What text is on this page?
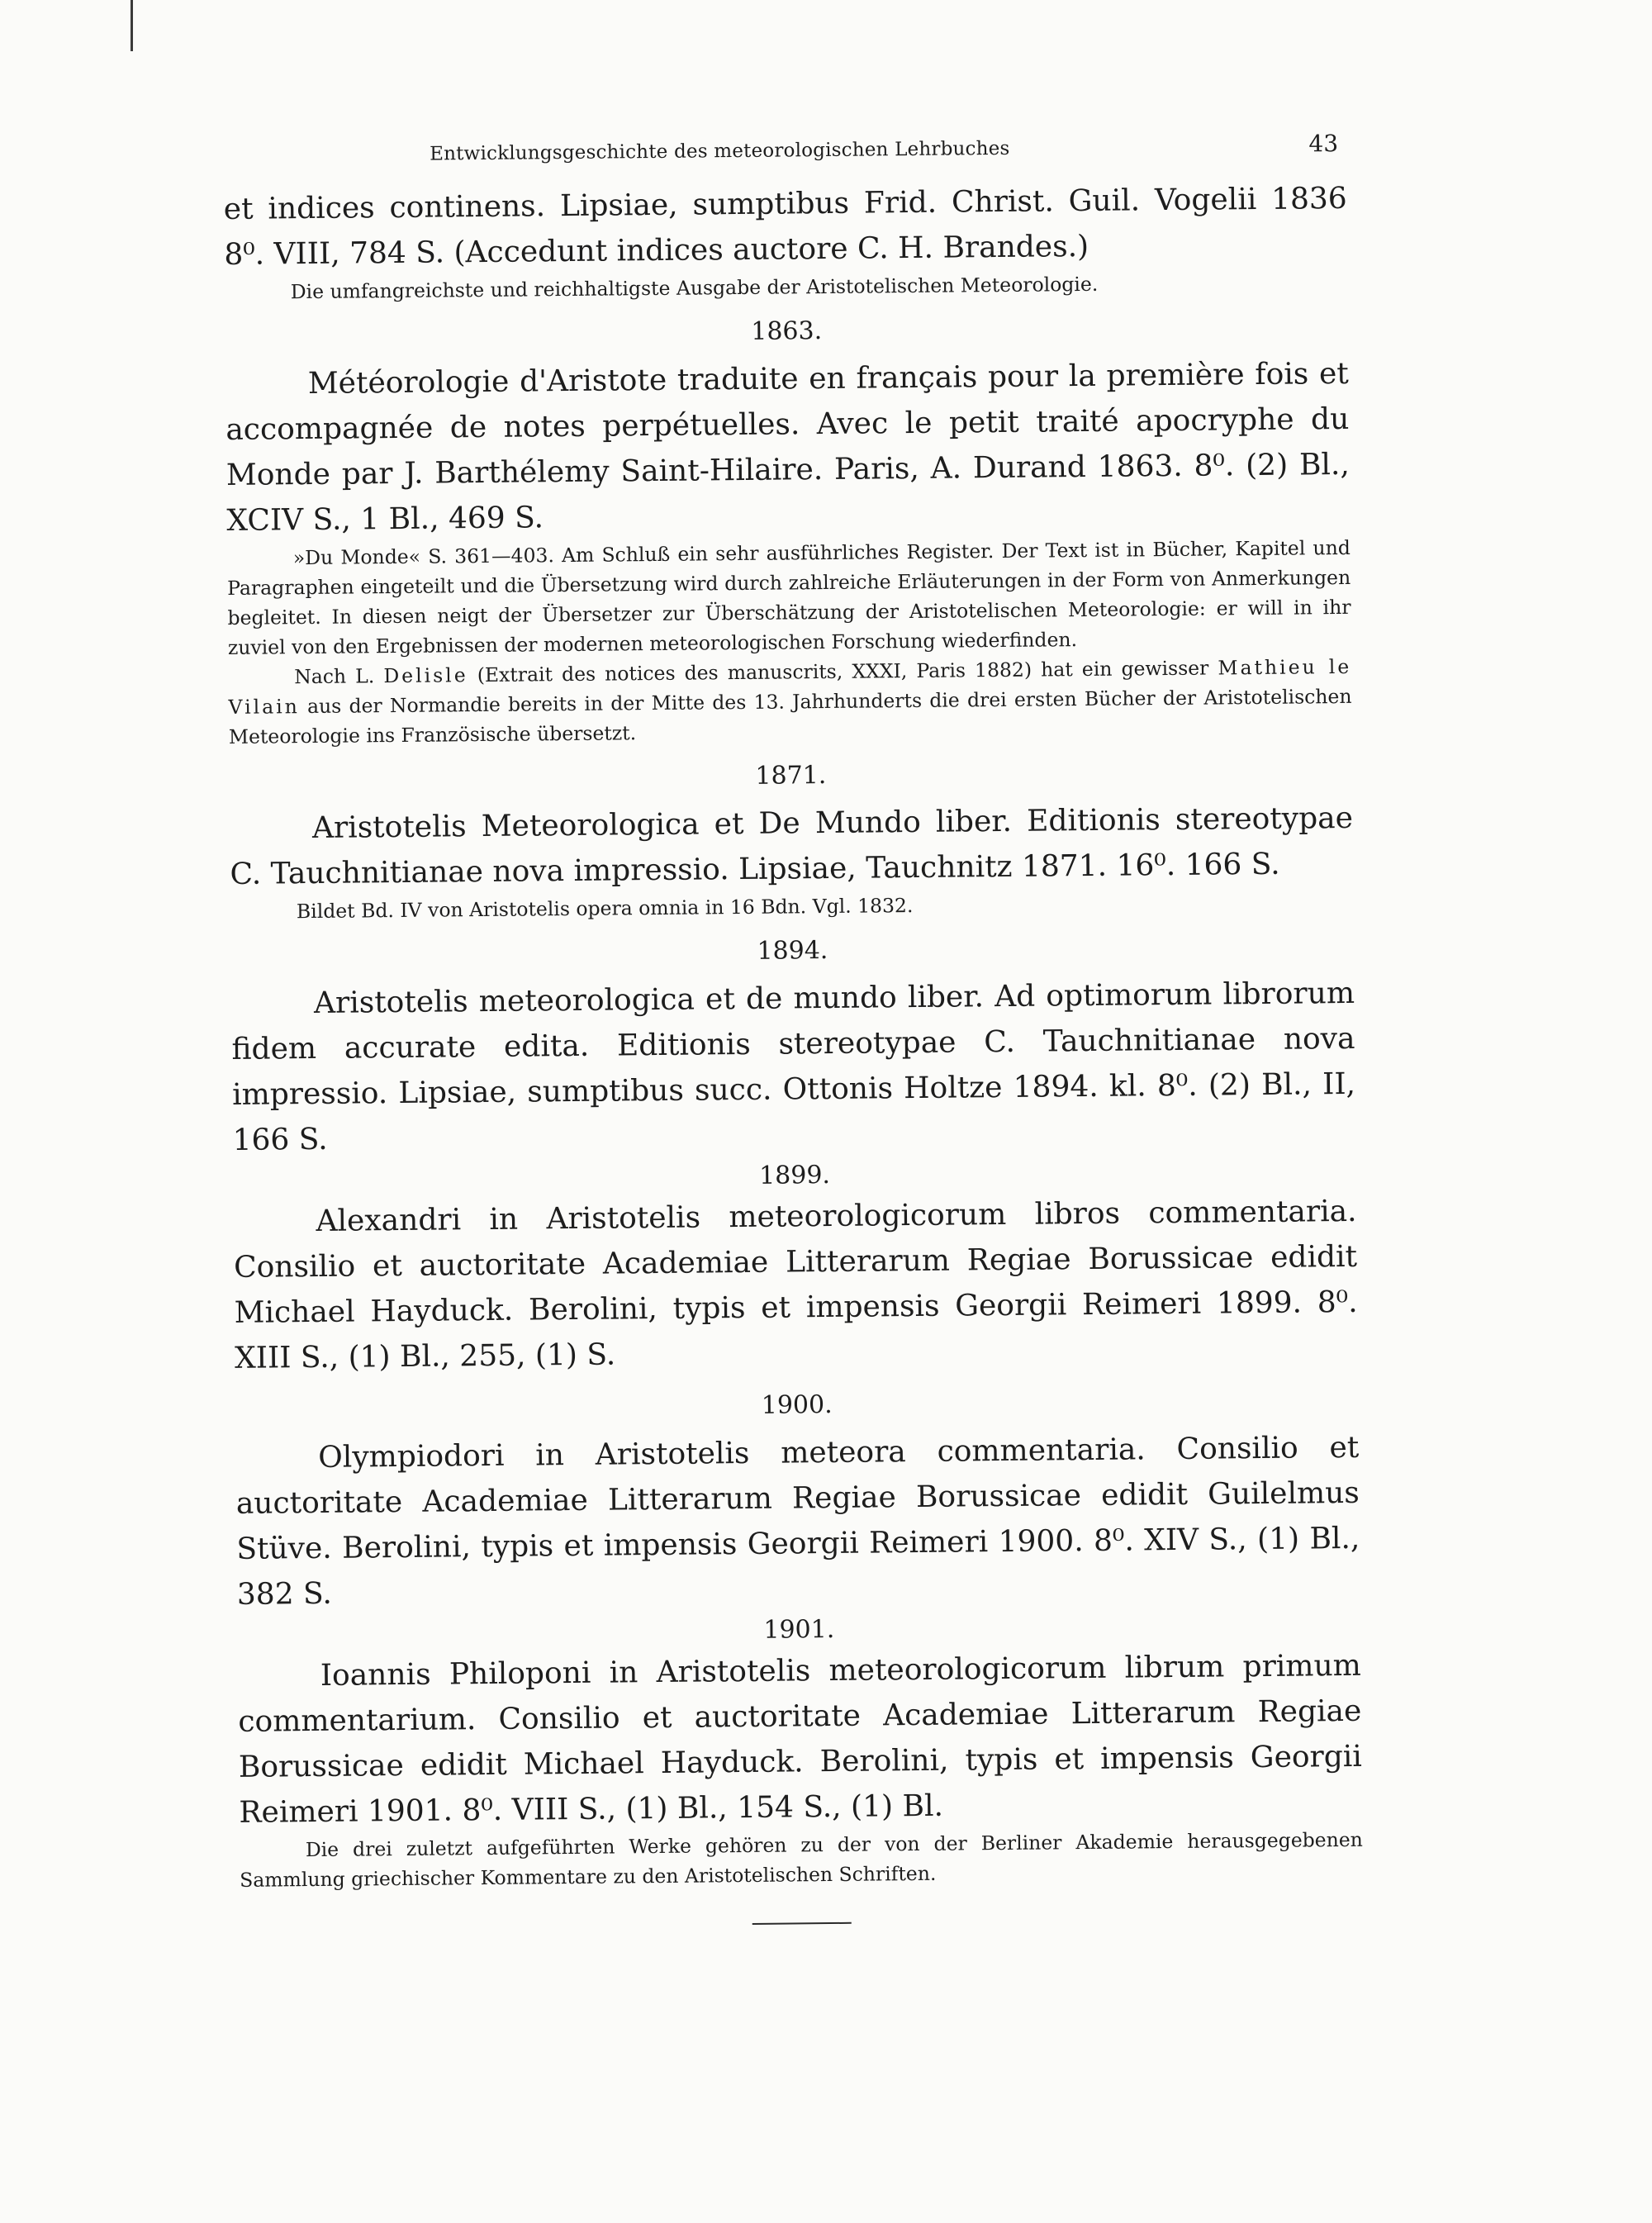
Entwicklungsgeschichte des meteorologischen Lehrbuches	43

et indices continens. Lipsiae, sumptibus Frid. Christ. Guil. Vogelii 1836 8⁰. VIII, 784 S. (Accedunt indices auctore C. H. Brandes.)

Die umfangreichste und reichhaltigste Ausgabe der Aristotelischen Meteorologie.

1863.

Météorologie d'Aristote traduite en français pour la première fois et accompagnée de notes perpétuelles. Avec le petit traité apocryphe du Monde par J. Barthélemy Saint-Hilaire. Paris, A. Durand 1863. 8⁰. (2) Bl., XCIV S., 1 Bl., 469 S.

»Du Monde« S. 361—403. Am Schluß ein sehr ausführliches Register. Der Text ist in Bücher, Kapitel und Paragraphen eingeteilt und die Übersetzung wird durch zahlreiche Erläuterungen in der Form von Anmerkungen begleitet. In diesen neigt der Übersetzer zur Überschätzung der Aristotelischen Meteorologie: er will in ihr zuviel von den Ergebnissen der modernen meteorologischen Forschung wiederfinden.

Nach L. Delisle (Extrait des notices des manuscrits, XXXI, Paris 1882) hat ein gewisser Mathieu le Vilain aus der Normandie bereits in der Mitte des 13. Jahrhunderts die drei ersten Bücher der Aristotelischen Meteorologie ins Französische übersetzt.

1871.

Aristotelis Meteorologica et De Mundo liber. Editionis stereotypae C. Tauchnitianae nova impressio. Lipsiae, Tauchnitz 1871. 16⁰. 166 S.

Bildet Bd. IV von Aristotelis opera omnia in 16 Bdn. Vgl. 1832.

1894.

Aristotelis meteorologica et de mundo liber. Ad optimorum librorum fidem accurate edita. Editionis stereotypae C. Tauchnitianae nova impressio. Lipsiae, sumptibus succ. Ottonis Holtze 1894. kl. 8⁰. (2) Bl., II, 166 S.

1899.

Alexandri in Aristotelis meteorologicorum libros commentaria. Consilio et auctoritate Academiae Litterarum Regiae Borussicae edidit Michael Hayduck. Berolini, typis et impensis Georgii Reimeri 1899. 8⁰. XIII S., (1) Bl., 255, (1) S.

1900.

Olympiodori in Aristotelis meteora commentaria. Consilio et auctoritate Academiae Litterarum Regiae Borussicae edidit Guilelmus Stüve. Berolini, typis et impensis Georgii Reimeri 1900. 8⁰. XIV S., (1) Bl., 382 S.

1901.

Ioannis Philoponi in Aristotelis meteorologicorum librum primum commentarium. Consilio et auctoritate Academiae Litterarum Regiae Borussicae edidit Michael Hayduck. Berolini, typis et impensis Georgii Reimeri 1901. 8⁰. VIII S., (1) Bl., 154 S., (1) Bl.

Die drei zuletzt aufgeführten Werke gehören zu der von der Berliner Akademie herausgegebenen Sammlung griechischer Kommentare zu den Aristotelischen Schriften.
